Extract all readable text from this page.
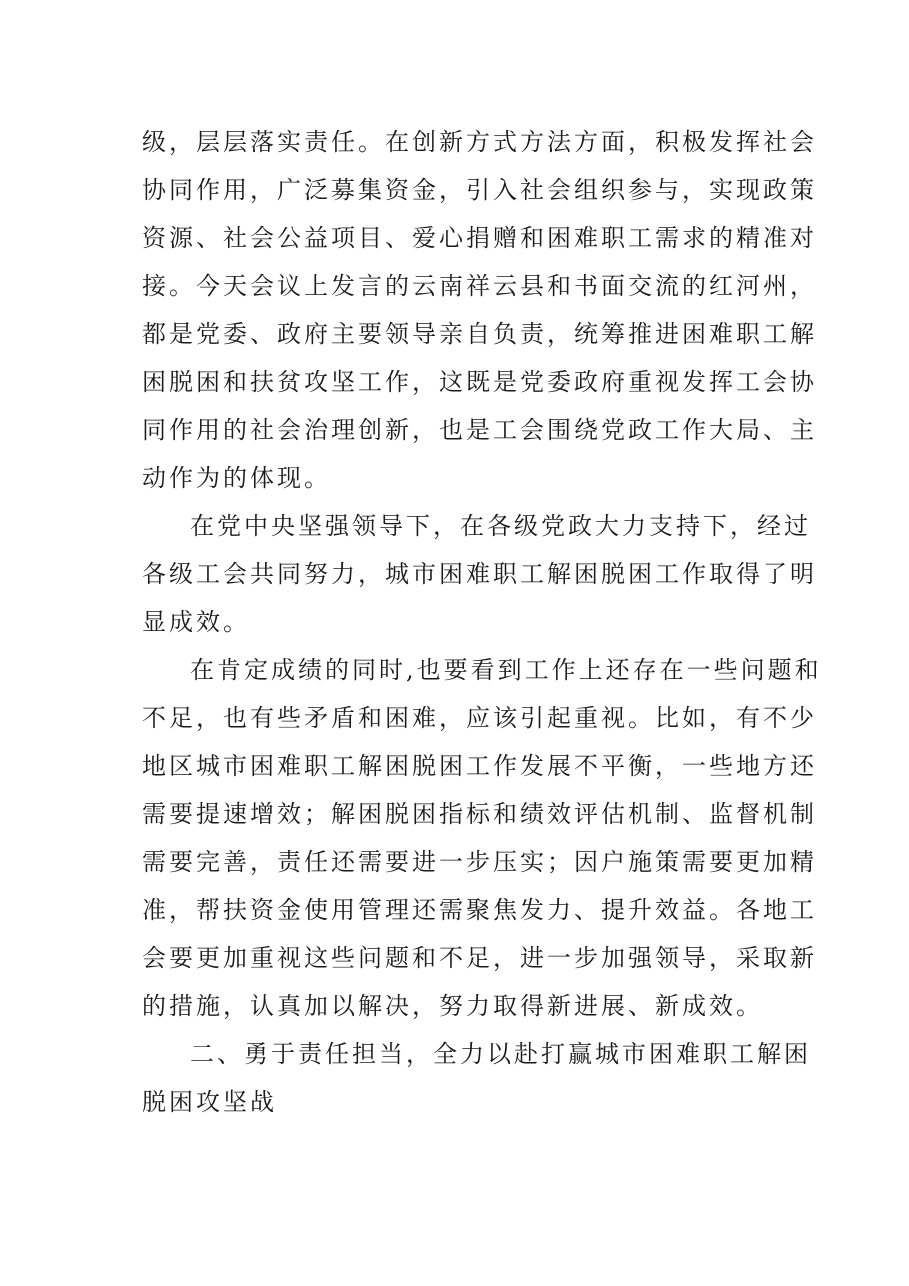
级，层层落实责任。在创新方式方法方面，积极发挥社会
协同作用，广泛募集资金，引入社会组织参与，实现政策
资源、社会公益项目、爱心捐赠和困难职工需求的精准对
接。今天会议上发言的云南祥云县和书面交流的红河州，
都是党委、政府主要领导亲自负责，统筹推进困难职工解
困脱困和扶贫攻坚工作，这既是党委政府重视发挥工会协
同作用的社会治理创新，也是工会围绕党政工作大局、主
动作为的体现。
在党中央坚强领导下，在各级党政大力支持下，经过
各级工会共同努力，城市困难职工解困脱困工作取得了明
显成效。
在肯定成绩的同时,也要看到工作上还存在一些问题和
不足，也有些矛盾和困难，应该引起重视。比如，有不少
地区城市困难职工解困脱困工作发展不平衡，一些地方还
需要提速增效；解困脱困指标和绩效评估机制、监督机制
需要完善，责任还需要进一步压实；因户施策需要更加精
准，帮扶资金使用管理还需聚焦发力、提升效益。各地工
会要更加重视这些问题和不足，进一步加强领导，采取新
的措施，认真加以解决，努力取得新进展、新成效。
二、勇于责任担当，全力以赴打赢城市困难职工解困
脱困攻坚战
